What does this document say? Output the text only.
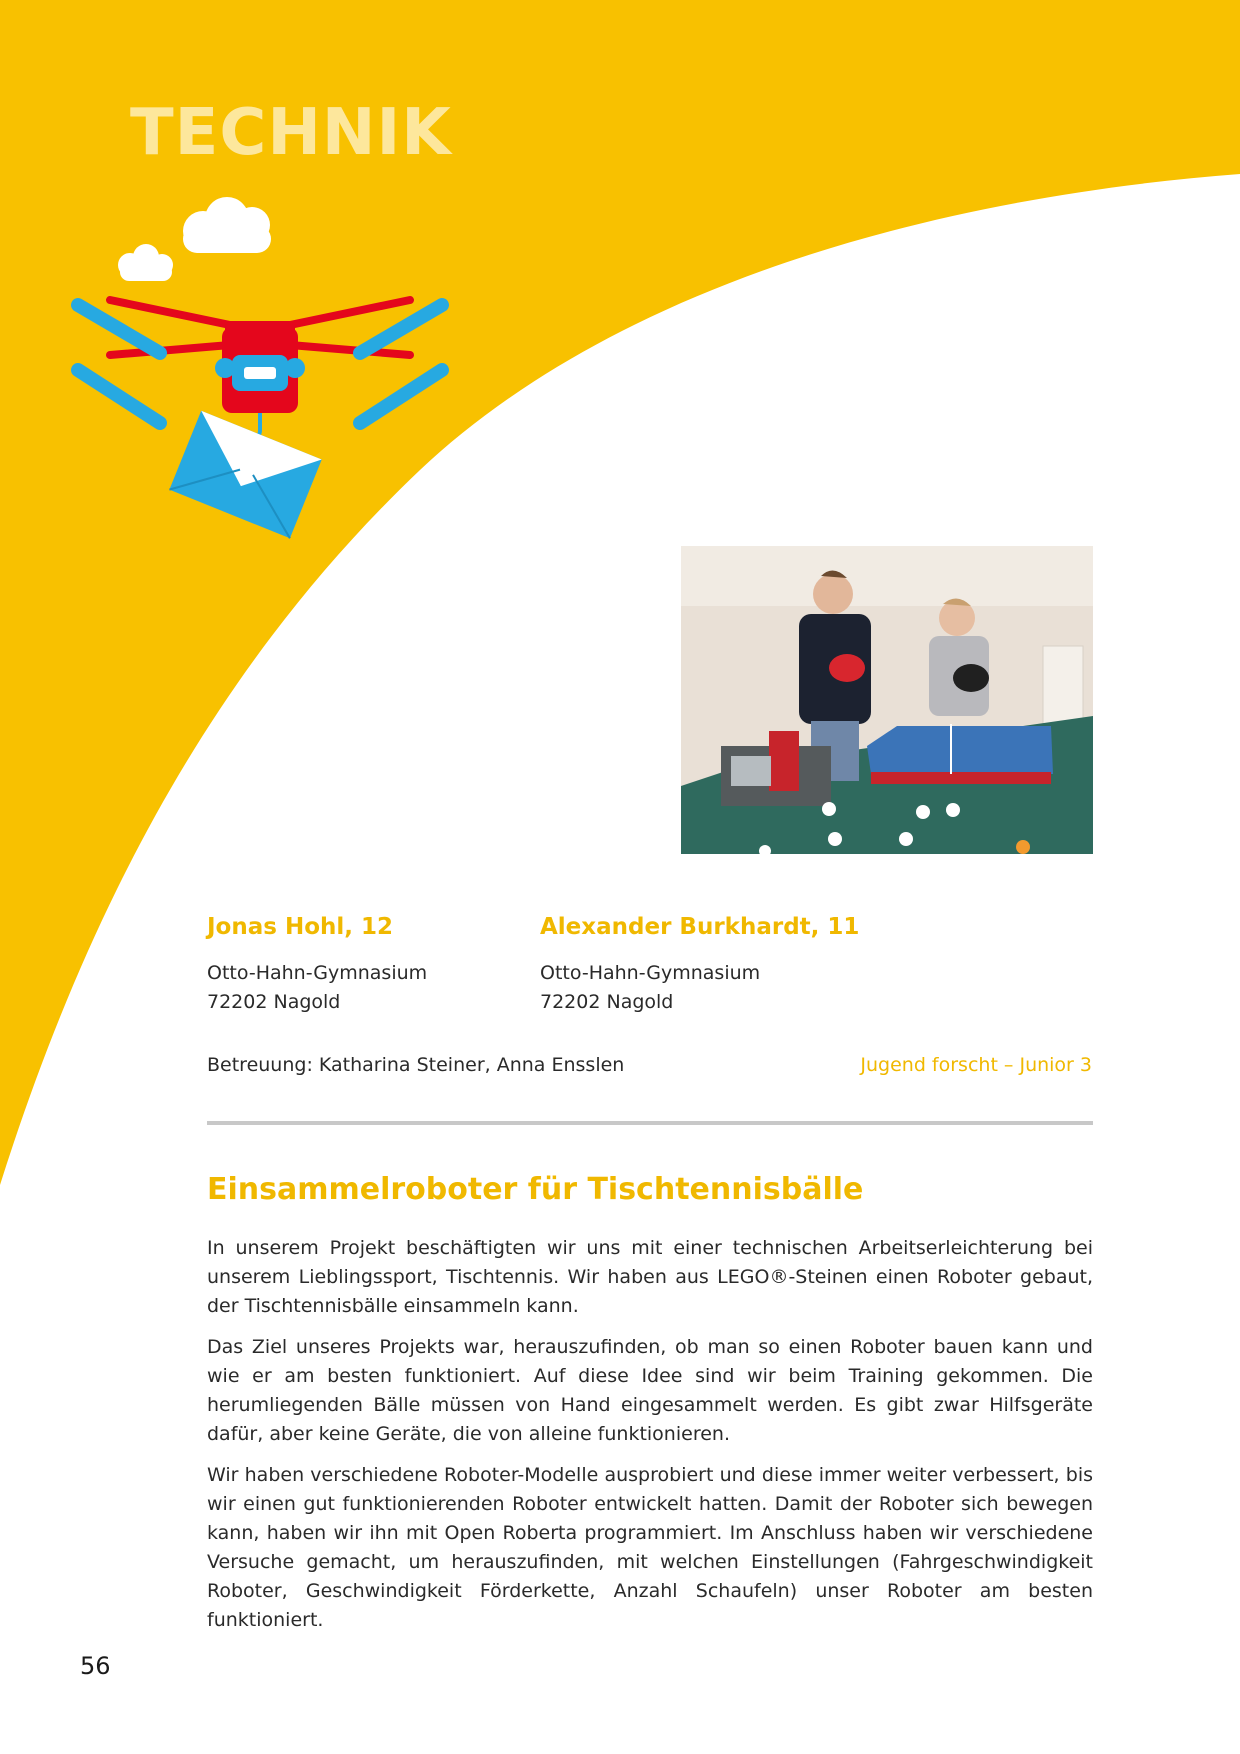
TECHNIK

Jonas Hohl, 12

Otto-Hahn-Gymnasium

72202 Nagold

Alexander Burkhardt, 11

Otto-Hahn-Gymnasium

72202 Nagold

Betreuung: Katharina Steiner, Anna Ensslen	Jugend forscht – Junior 3

Einsammelroboter für Tischtennisbälle

In unserem Projekt beschäftigten wir uns mit einer technischen Arbeitserleichterung bei unserem Lieblingssport, Tischtennis. Wir haben aus LEGO®-Steinen einen Roboter gebaut, der Tischtennisbälle einsammeln kann.

Das Ziel unseres Projekts war, herauszufinden, ob man so einen Roboter bauen kann und wie er am besten funktioniert. Auf diese Idee sind wir beim Training gekommen. Die herumliegenden Bälle müssen von Hand eingesammelt werden. Es gibt zwar Hilfsgeräte dafür, aber keine Geräte, die von alleine funktionieren.

Wir haben verschiedene Roboter-Modelle ausprobiert und diese immer weiter verbessert, bis wir einen gut funktionierenden Roboter entwickelt hatten. Damit der Roboter sich bewegen kann, haben wir ihn mit Open Roberta programmiert. Im Anschluss haben wir verschiedene Versuche gemacht, um herauszufinden, mit welchen Einstellungen (Fahrgeschwindigkeit Roboter, Geschwindigkeit Förderkette, Anzahl Schaufeln) unser Roboter am besten funktioniert.

56
